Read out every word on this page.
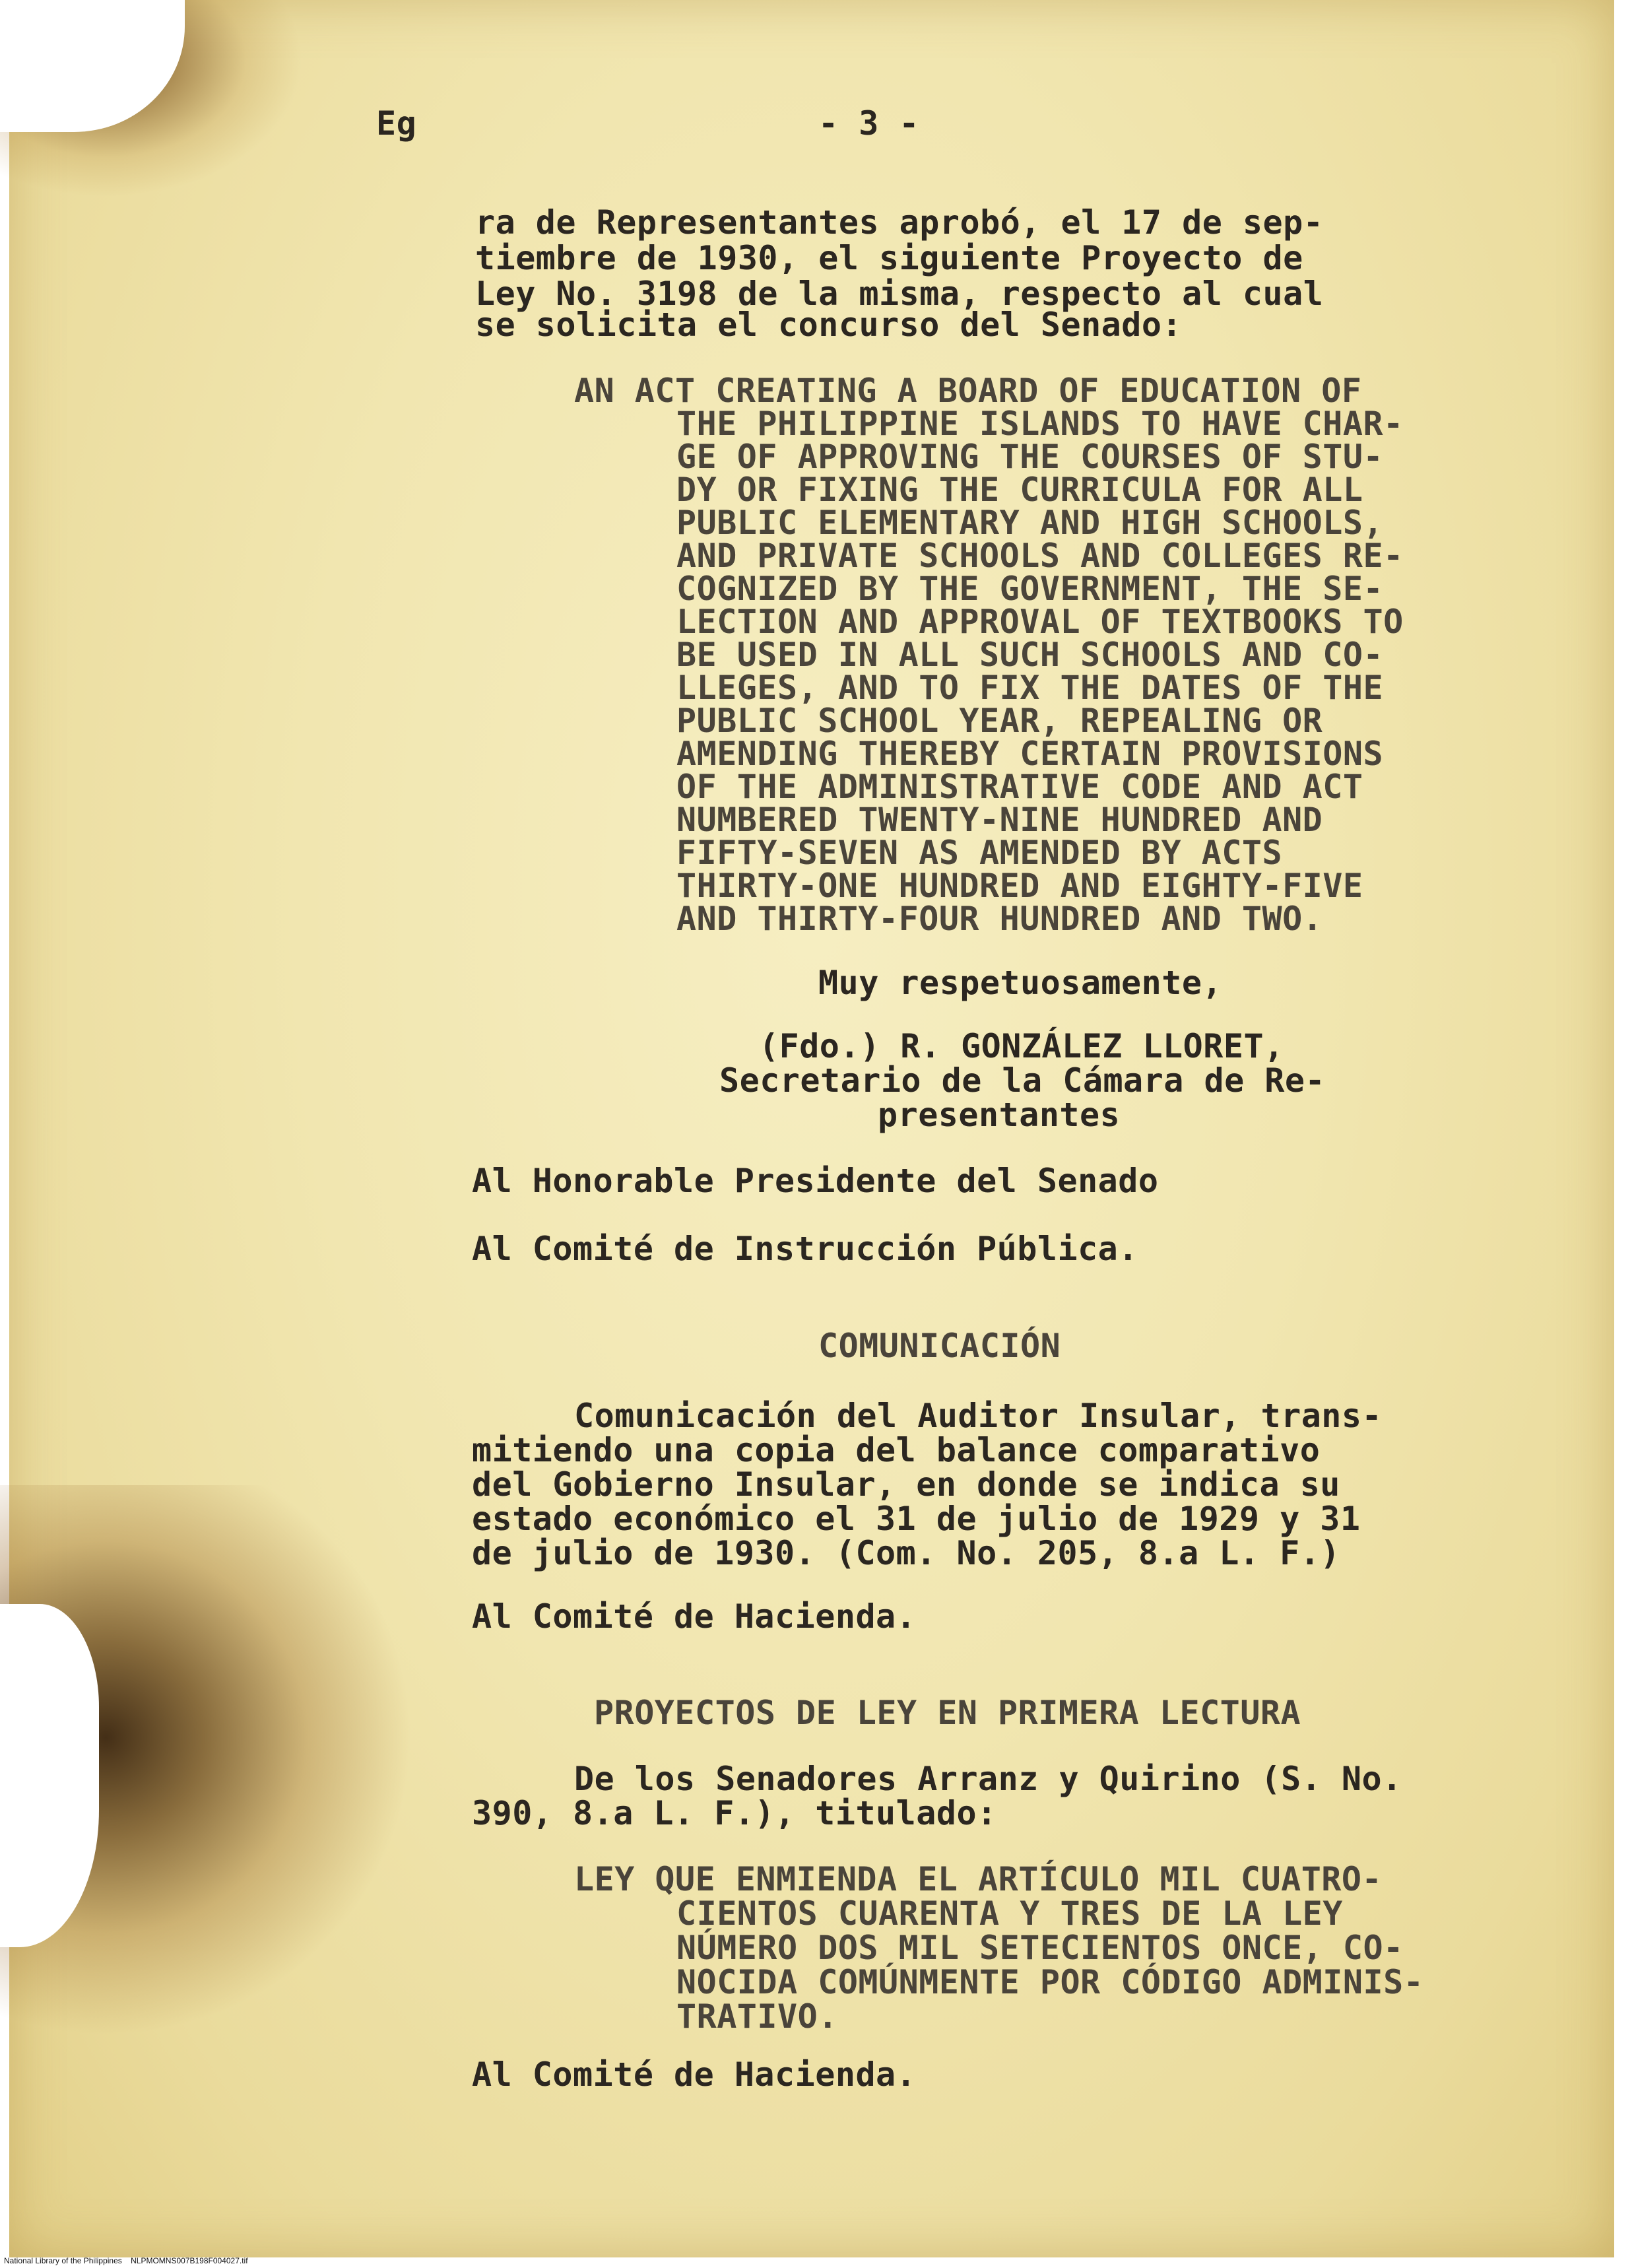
Eg	- 3 -

ra de Representantes aprobó, el 17 de sep-

tiembre de 1930, el siguiente Proyecto de

Ley No. 3198 de la misma, respecto al cual

se solicita el concurso del Senado:

AN ACT CREATING A BOARD OF EDUCATION OF

THE PHILIPPINE ISLANDS TO HAVE CHAR-

GE OF APPROVING THE COURSES OF STU-

DY OR FIXING THE CURRICULA FOR ALL

PUBLIC ELEMENTARY AND HIGH SCHOOLS,

AND PRIVATE SCHOOLS AND COLLEGES RE-

COGNIZED BY THE GOVERNMENT, THE SE-

LECTION AND APPROVAL OF TEXTBOOKS TO

BE USED IN ALL SUCH SCHOOLS AND CO-

LLEGES, AND TO FIX THE DATES OF THE

PUBLIC SCHOOL YEAR, REPEALING OR

AMENDING THEREBY CERTAIN PROVISIONS

OF THE ADMINISTRATIVE CODE AND ACT

NUMBERED TWENTY-NINE HUNDRED AND

FIFTY-SEVEN AS AMENDED BY ACTS

THIRTY-ONE HUNDRED AND EIGHTY-FIVE

AND THIRTY-FOUR HUNDRED AND TWO.

Muy respetuosamente,

(Fdo.) R. GONZÁLEZ LLORET,

Secretario de la Cámara de Re-

presentantes

Al Honorable Presidente del Senado

Al Comité de Instrucción Pública.

COMUNICACIÓN

Comunicación del Auditor Insular, trans-

mitiendo una copia del balance comparativo

del Gobierno Insular, en donde se indica su

estado económico el 31 de julio de 1929 y 31

de julio de 1930. (Com. No. 205, 8.a L. F.)

Al Comité de Hacienda.

PROYECTOS DE LEY EN PRIMERA LECTURA

De los Senadores Arranz y Quirino (S. No.

390, 8.a L. F.), titulado:

LEY QUE ENMIENDA EL ARTÍCULO MIL CUATRO-

CIENTOS CUARENTA Y TRES DE LA LEY

NÚMERO DOS MIL SETECIENTOS ONCE, CO-

NOCIDA COMÚNMENTE POR CÓDIGO ADMINIS-

TRATIVO.

Al Comité de Hacienda.

National Library of the Philippines    NLPMOMNS007B198F004027.tif
